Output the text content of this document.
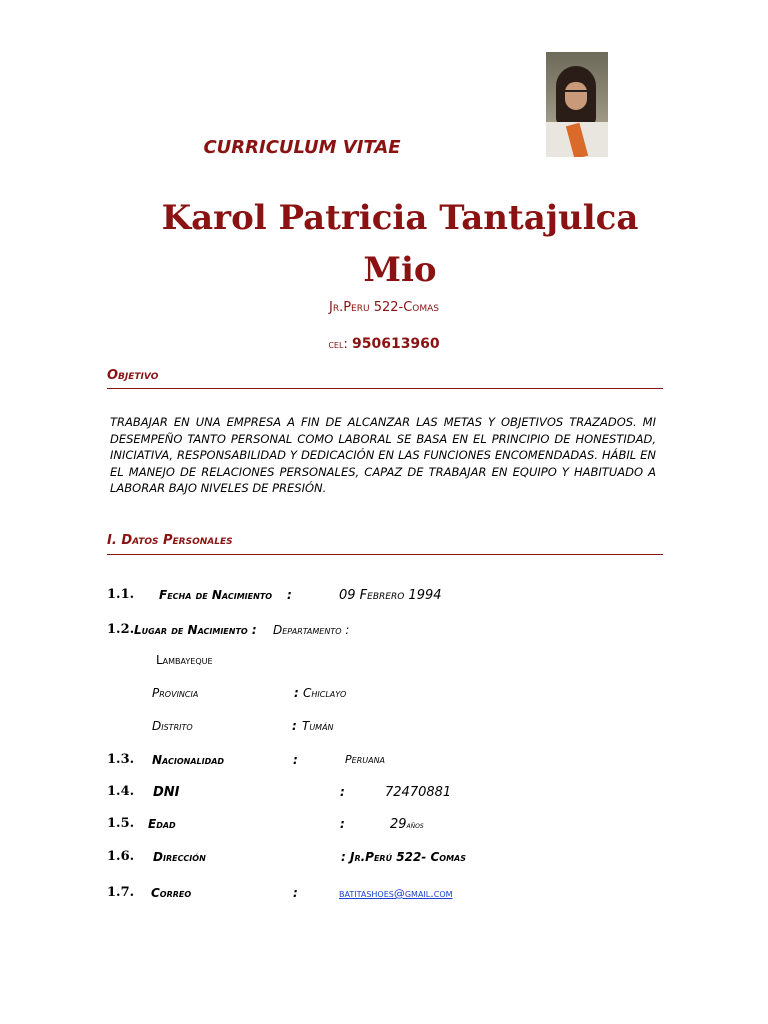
CURRICULUM VITAE
Karol Patricia Tantajulca
Mio
Jr.Peru 522-Comas
cel: 950613960
Objetivo
TRABAJAR EN UNA EMPRESA A FIN DE ALCANZAR LAS METAS Y OBJETIVOS TRAZADOS. MI DESEMPEÑO TANTO PERSONAL COMO LABORAL SE BASA EN EL PRINCIPIO DE HONESTIDAD, INICIATIVA, RESPONSABILIDAD Y DEDICACIÓN EN LAS FUNCIONES ENCOMENDADAS. HÁBIL EN EL MANEJO DE RELACIONES PERSONALES, CAPAZ DE TRABAJAR EN EQUIPO Y HABITUADO A LABORAR BAJO NIVELES DE PRESIÓN.
I. Datos Personales
1.1. Fecha de Nacimiento :	09 Febrero 1994
1.2. Lugar de Nacimiento : Departamento :
Lambayeque
Provincia	: Chiclayo
Distrito	: Tumán
1.3. Nacionalidad	:	Peruana
1.4. DNI	:	72470881
1.5. Edad	:	29años
1.6. Dirección	: Jr.Perú 522- Comas
1.7. Correo	:	batitashoes@gmail.com
